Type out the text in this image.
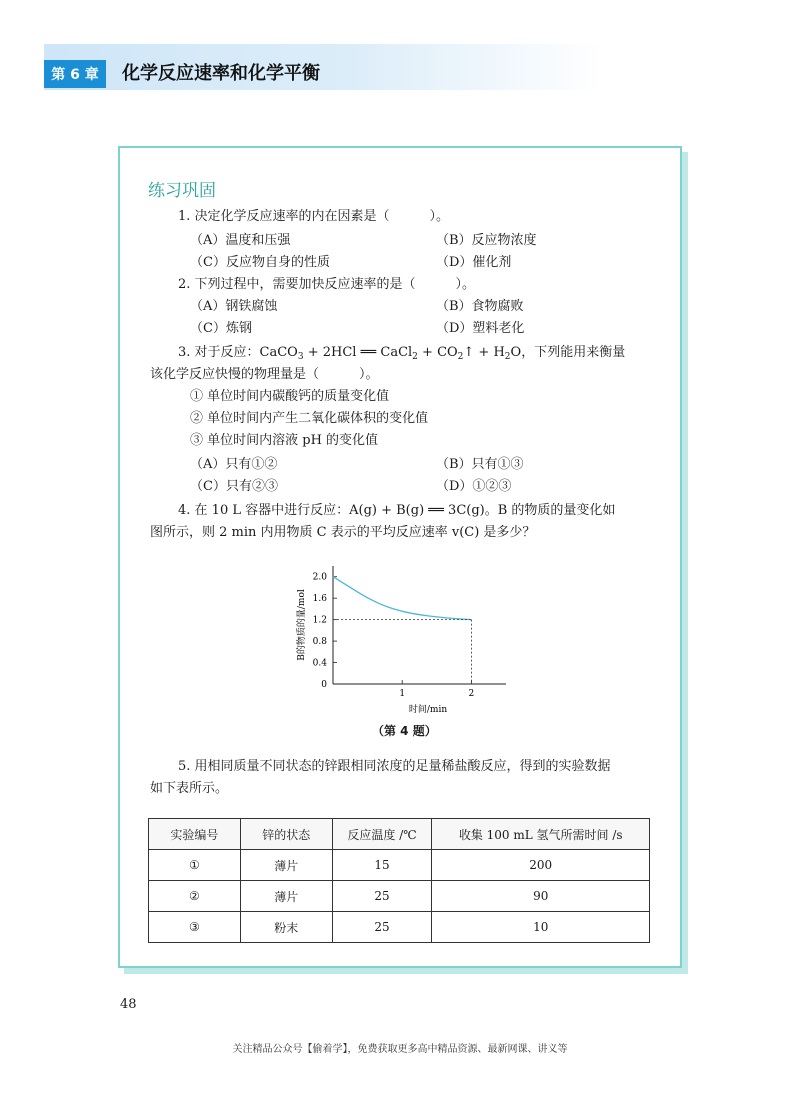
第 6 章	化学反应速率和化学平衡
练习巩固
1. 决定化学反应速率的内在因素是（	）。
（A）温度和压强	（B）反应物浓度
（C）反应物自身的性质	（D）催化剂
2. 下列过程中，需要加快反应速率的是（	）。
（A）钢铁腐蚀	（B）食物腐败
（C）炼钢	（D）塑料老化
3. 对于反应：CaCO$_3$ + 2HCl ══ CaCl$_2$ + $CO_2↑ + H_2O$，下列能用来衡量
该化学反应快慢的物理量是（	）。
① 单位时间内碳酸钙的质量变化值
② 单位时间内产生二氧化碳体积的变化值
③ 单位时间内溶液 pH 的变化值
（A）只有①②	（B）只有①③
（C）只有②③	（D）①②③
4. 在 10 L 容器中进行反应：A(g) + B(g) ══ 3C(g)。B 的物质的量变化如
图所示，则 2 min 内用物质 C 表示的平均反应速率 v(C) 是多少？
0
0.4
0.8
1.2
1.6
2.0
1	2
时间/min
B的物质的量/mol
（第 4 题）
5. 用相同质量不同状态的锌跟相同浓度的足量稀盐酸反应，得到的实验数据
如下表所示。
实验编号	锌的状态	反应温度 /℃	收集 100 mL 氢气所需时间 /s
①	薄片	15	200
②	薄片	25	90
③	粉末	25	10
48
关注精品公众号【偷着学】，免费获取更多高中精品资源、最新网课、讲义等
